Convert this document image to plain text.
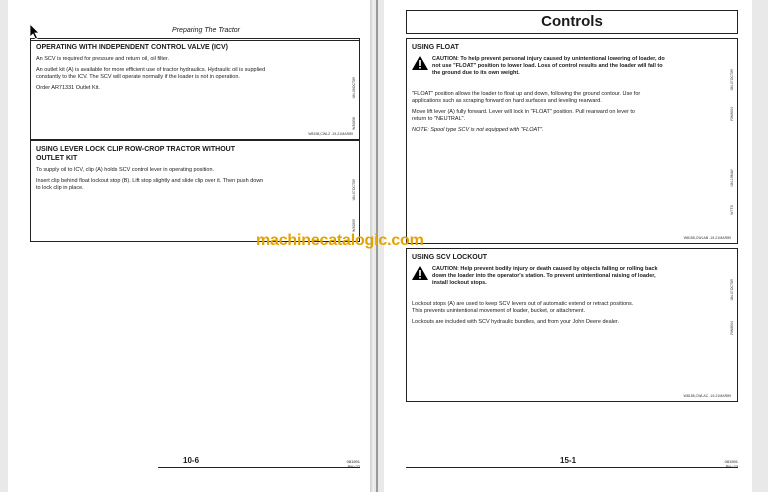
Preparing The Tractor
OPERATING WITH INDEPENDENT CONTROL VALVE (ICV)

An SCV is required for pressure and return oil, oil filter.

An outlet kit (A) is available for more efficient use of tractor hydraulics. Hydraulic oil is supplied constantly to the ICV. The SCV will operate normally if the loader is not in operation.

Order AR71331 Outlet Kit.	UN-06OCT89
W30858
W8158,CWLZ -19-21MAR89
USING LEVER LOCK CLIP ROW-CROP TRACTOR WITHOUT OUTLET KIT

To supply oil to ICV, clip (A) holds SCV control lever in operating position.

Insert clip behind float lockout stop (B). Lift stop slightly and slide clip over it. Then push down to lock clip in place.	UN-07OCT89
W30859
10-6	081591
PN=22
Controls
USING FLOAT
CAUTION: To help prevent personal injury caused by unintentional lowering of loader, do not use "FLOAT" position to lower load. Loss of control results and the loader will fall to the ground due to its own weight.

"FLOAT" position allows the loader to float up and down, following the ground contour. Use for applications such as scraping forward on hard surfaces and leveling rearward.

Move lift lever (A) fully forward. Lever will lock in "FLOAT" position. Pull rearward on lever to return to "NEUTRAL".

NOTE: Spool type SCV is not equipped with "FLOAT".

UN-07OCT89
RW8604
UN-19MAY
W7TS
W8158,CWLAB -19-21MAR89
USING SCV LOCKOUT
CAUTION: Help prevent bodily injury or death caused by objects falling or rolling back down the loader into the operator's station. To prevent unintentional raising of loader, install lockout stops.

Lockout stops (A) are used to keep SCV levers out of automatic extend or retract positions. This prevents unintentional movement of loader, bucket, or attachment.

Lockouts are included with SCV hydraulic bundles, and from your John Deere dealer.

UN-07OCT89
RW8604
W8158,CWLAC -19-21MAR89
15-1	081591
PN=23
machinecatalogic.com
